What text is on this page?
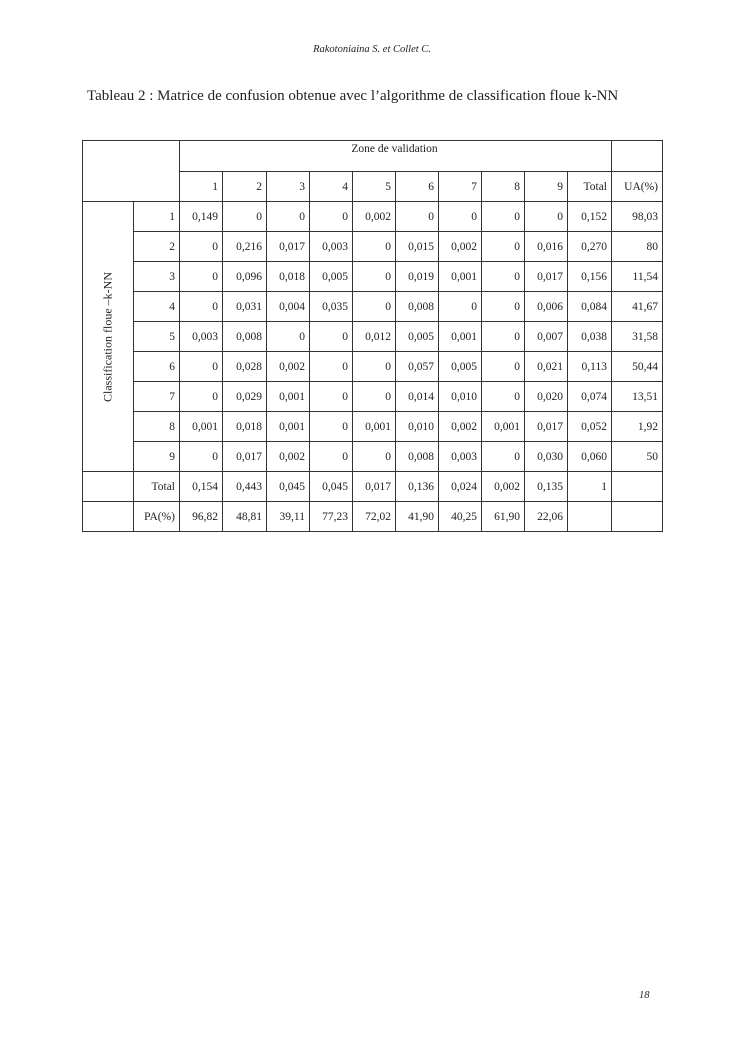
Rakotoniaina S. et Collet C.
Tableau 2 : Matrice de confusion obtenue avec l’algorithme de classification floue k-NN
		Zone de validation										
		1	2	3	4	5	6	7	8	9	Total	UA(%)

Classification floue –k-NN	1	0,149	0	0	0	0,002	0	0	0	0	0,152	98,03
	2	0	0,216	0,017	0,003	0	0,015	0,002	0	0,016	0,270	80
	3	0	0,096	0,018	0,005	0	0,019	0,001	0	0,017	0,156	11,54
	4	0	0,031	0,004	0,035	0	0,008	0	0	0,006	0,084	41,67
	5	0,003	0,008	0	0	0,012	0,005	0,001	0	0,007	0,038	31,58
	6	0	0,028	0,002	0	0	0,057	0,005	0	0,021	0,113	50,44
	7	0	0,029	0,001	0	0	0,014	0,010	0	0,020	0,074	13,51
	8	0,001	0,018	0,001	0	0,001	0,010	0,002	0,001	0,017	0,052	1,92
	9	0	0,017	0,002	0	0	0,008	0,003	0	0,030	0,060	50
	Total	0,154	0,443	0,045	0,045	0,017	0,136	0,024	0,002	0,135	1	
	PA(%)	96,82	48,81	39,11	77,23	72,02	41,90	40,25	61,90	22,06		
18
